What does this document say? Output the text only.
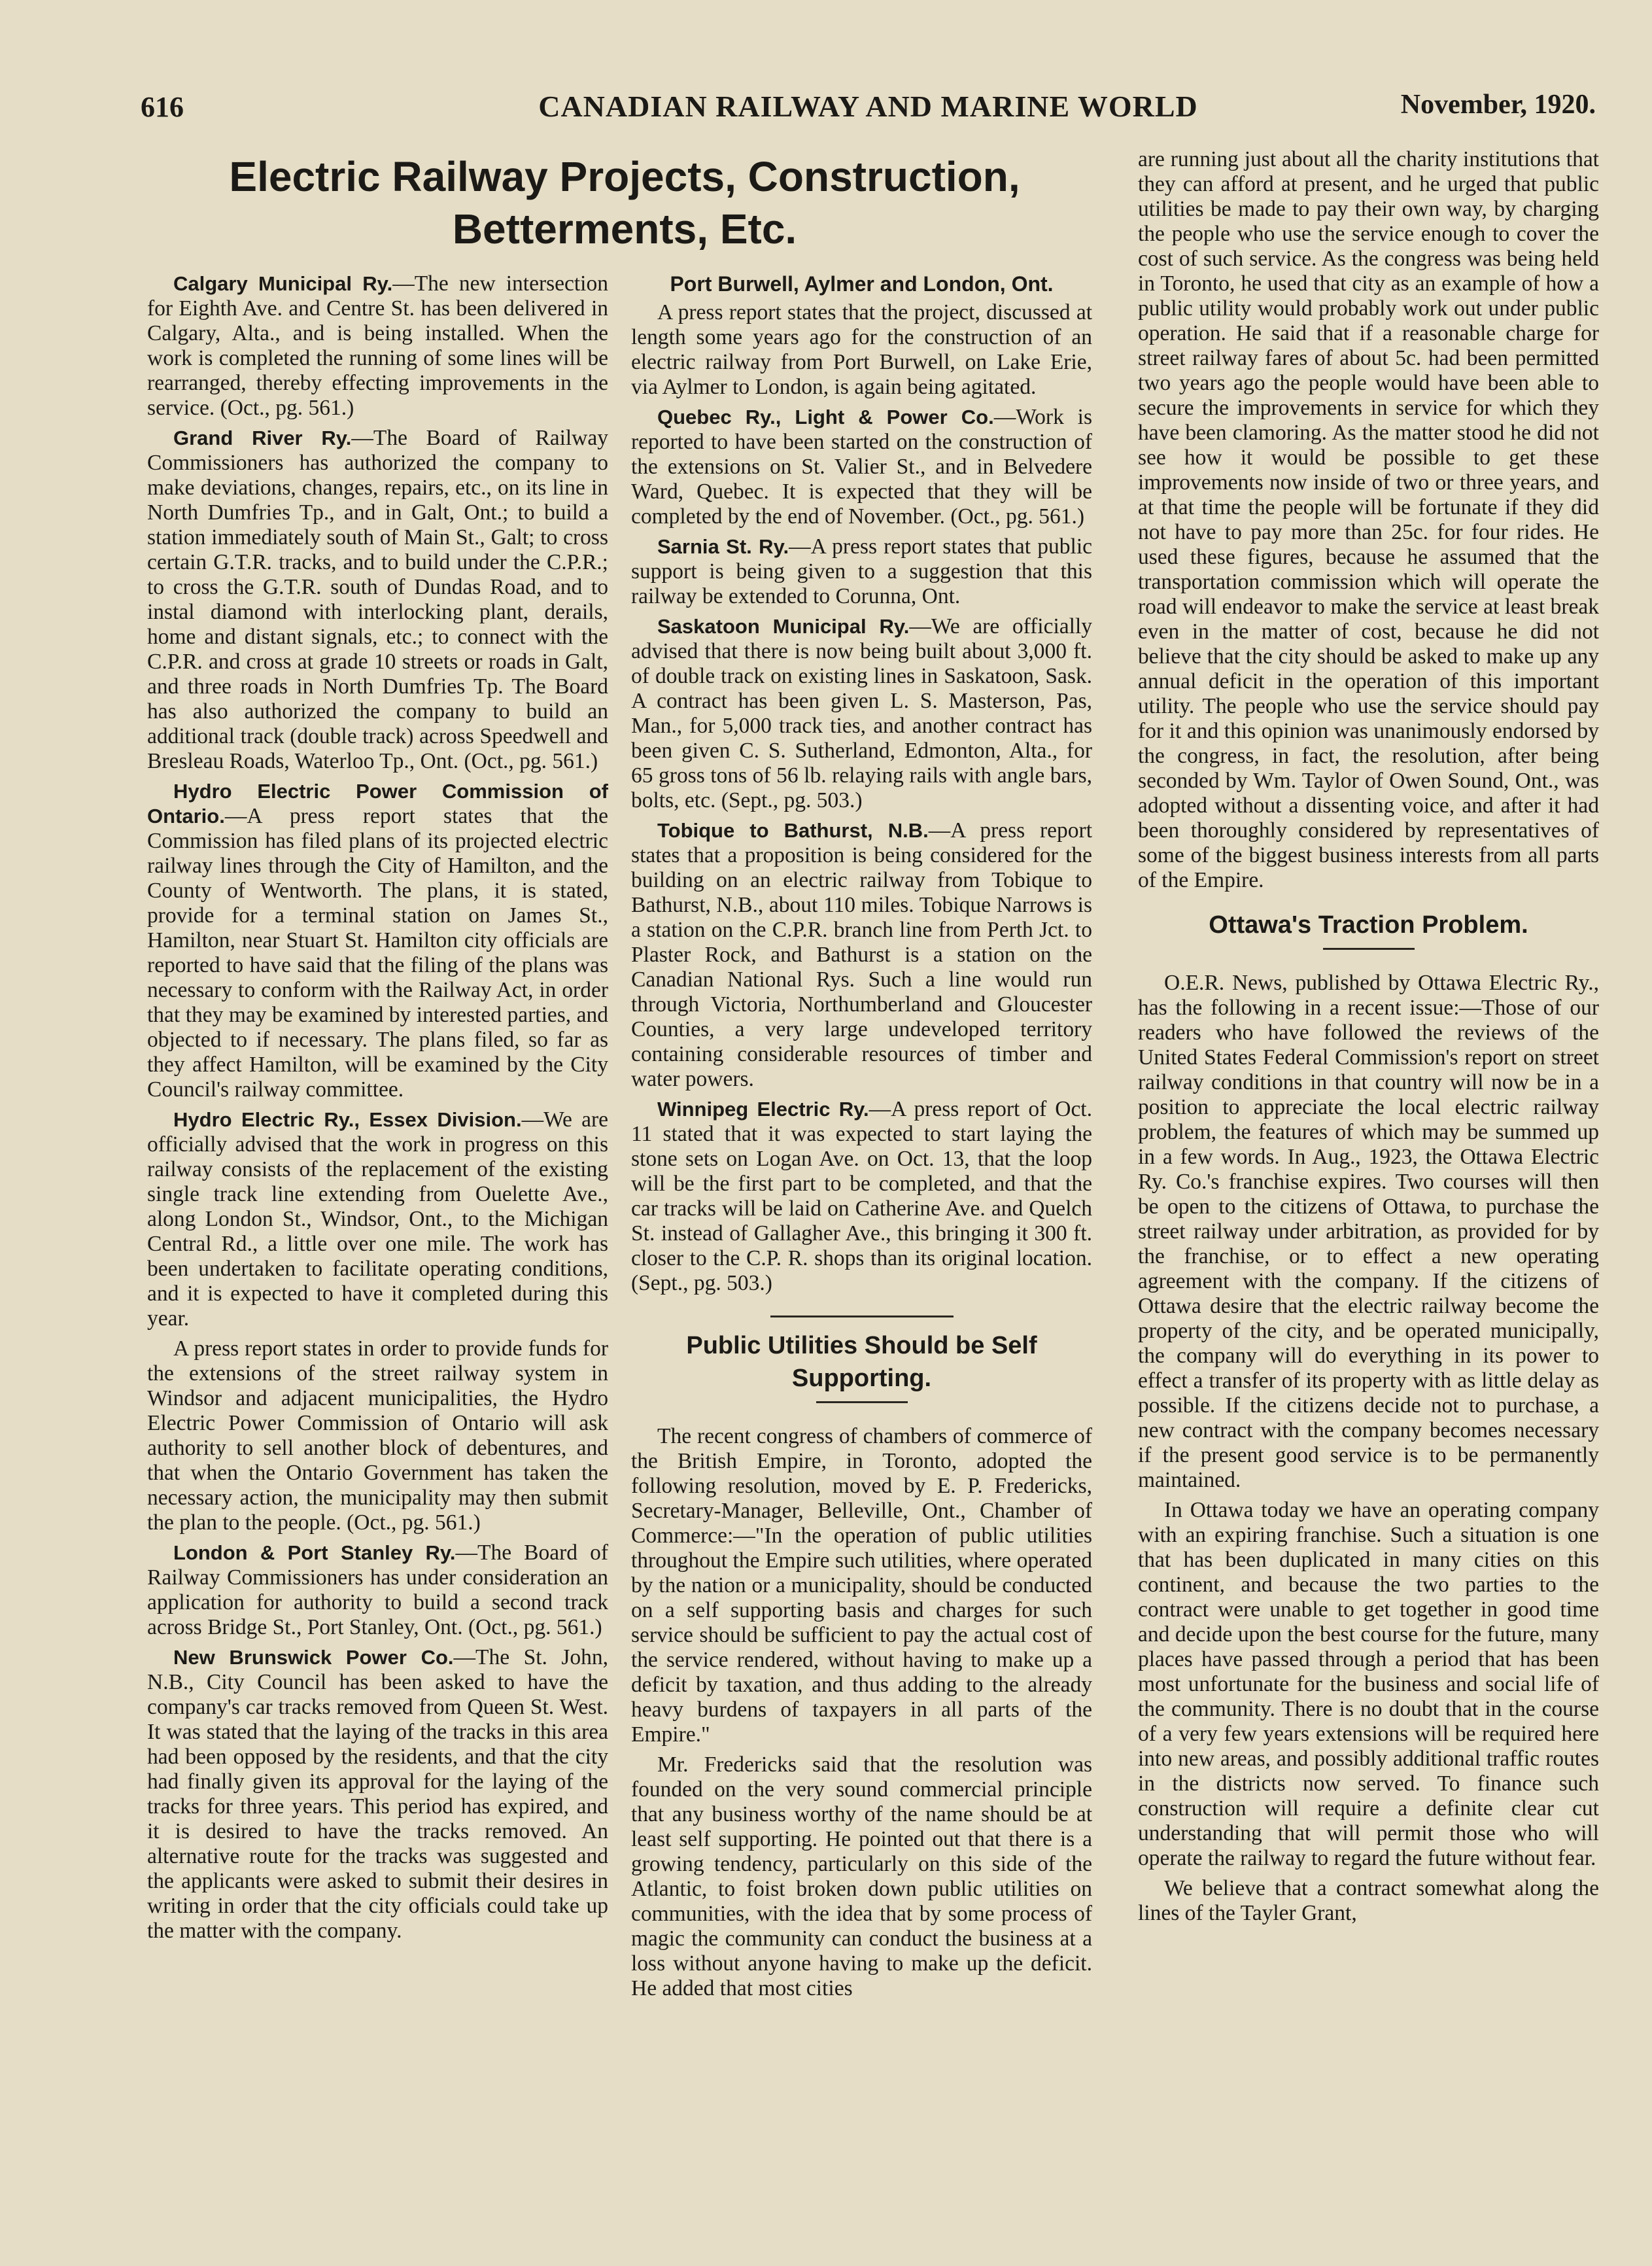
616	CANADIAN RAILWAY AND MARINE WORLD	November, 1920.
Electric Railway Projects, Construction, Betterments, Etc.

Calgary Municipal Ry.—The new intersection for Eighth Ave. and Centre St. has been delivered in Calgary, Alta., and is being installed. When the work is completed the running of some lines will be rearranged, thereby effecting improvements in the service. (Oct., pg. 561.)

Grand River Ry.—The Board of Railway Commissioners has authorized the company to make deviations, changes, repairs, etc., on its line in North Dumfries Tp., and in Galt, Ont.; to build a station immediately south of Main St., Galt; to cross certain G.T.R. tracks, and to build under the C.P.R.; to cross the G.T.R. south of Dundas Road, and to instal diamond with interlocking plant, derails, home and distant signals, etc.; to connect with the C.P.R. and cross at grade 10 streets or roads in Galt, and three roads in North Dumfries Tp. The Board has also authorized the company to build an additional track (double track) across Speedwell and Bresleau Roads, Waterloo Tp., Ont. (Oct., pg. 561.)

Hydro Electric Power Commission of Ontario.—A press report states that the Commission has filed plans of its projected electric railway lines through the City of Hamilton, and the County of Wentworth. The plans, it is stated, provide for a terminal station on James St., Hamilton, near Stuart St. Hamilton city officials are reported to have said that the filing of the plans was necessary to conform with the Railway Act, in order that they may be examined by interested parties, and objected to if necessary. The plans filed, so far as they affect Hamilton, will be examined by the City Council's railway committee.

Hydro Electric Ry., Essex Division.—We are officially advised that the work in progress on this railway consists of the replacement of the existing single track line extending from Ouelette Ave., along London St., Windsor, Ont., to the Michigan Central Rd., a little over one mile. The work has been undertaken to facilitate operating conditions, and it is expected to have it completed during this year.

A press report states in order to provide funds for the extensions of the street railway system in Windsor and adjacent municipalities, the Hydro Electric Power Commission of Ontario will ask authority to sell another block of debentures, and that when the Ontario Government has taken the necessary action, the municipality may then submit the plan to the people. (Oct., pg. 561.)

London & Port Stanley Ry.—The Board of Railway Commissioners has under consideration an application for authority to build a second track across Bridge St., Port Stanley, Ont. (Oct., pg. 561.)

New Brunswick Power Co.—The St. John, N.B., City Council has been asked to have the company's car tracks removed from Queen St. West. It was stated that the laying of the tracks in this area had been opposed by the residents, and that the city had finally given its approval for the laying of the tracks for three years. This period has expired, and it is desired to have the tracks removed. An alternative route for the tracks was suggested and the applicants were asked to submit their desires in writing in order that the city officials could take up the matter with the company.

Port Burwell, Aylmer and London, Ont.

A press report states that the project, discussed at length some years ago for the construction of an electric railway from Port Burwell, on Lake Erie, via Aylmer to London, is again being agitated.

Quebec Ry., Light & Power Co.—Work is reported to have been started on the construction of the extensions on St. Valier St., and in Belvedere Ward, Quebec. It is expected that they will be completed by the end of November. (Oct., pg. 561.)

Sarnia St. Ry.—A press report states that public support is being given to a suggestion that this railway be extended to Corunna, Ont.

Saskatoon Municipal Ry.—We are officially advised that there is now being built about 3,000 ft. of double track on existing lines in Saskatoon, Sask. A contract has been given L. S. Masterson, Pas, Man., for 5,000 track ties, and another contract has been given C. S. Sutherland, Edmonton, Alta., for 65 gross tons of 56 lb. relaying rails with angle bars, bolts, etc. (Sept., pg. 503.)

Tobique to Bathurst, N.B.—A press report states that a proposition is being considered for the building on an electric railway from Tobique to Bathurst, N.B., about 110 miles. Tobique Narrows is a station on the C.P.R. branch line from Perth Jct. to Plaster Rock, and Bathurst is a station on the Canadian National Rys. Such a line would run through Victoria, Northumberland and Gloucester Counties, a very large undeveloped territory containing considerable resources of timber and water powers.

Winnipeg Electric Ry.—A press report of Oct. 11 stated that it was expected to start laying the stone sets on Logan Ave. on Oct. 13, that the loop will be the first part to be completed, and that the car tracks will be laid on Catherine Ave. and Quelch St. instead of Gallagher Ave., this bringing it 300 ft. closer to the C.P. R. shops than its original location. (Sept., pg. 503.)

Public Utilities Should be Self Supporting.

The recent congress of chambers of commerce of the British Empire, in Toronto, adopted the following resolution, moved by E. P. Fredericks, Secretary-Manager, Belleville, Ont., Chamber of Commerce:—"In the operation of public utilities throughout the Empire such utilities, where operated by the nation or a municipality, should be conducted on a self supporting basis and charges for such service should be sufficient to pay the actual cost of the service rendered, without having to make up a deficit by taxation, and thus adding to the already heavy burdens of taxpayers in all parts of the Empire."

Mr. Fredericks said that the resolution was founded on the very sound commercial principle that any business worthy of the name should be at least self supporting. He pointed out that there is a growing tendency, particularly on this side of the Atlantic, to foist broken down public utilities on communities, with the idea that by some process of magic the community can conduct the business at a loss without anyone having to make up the deficit. He added that most cities

are running just about all the charity institutions that they can afford at present, and he urged that public utilities be made to pay their own way, by charging the people who use the service enough to cover the cost of such service. As the congress was being held in Toronto, he used that city as an example of how a public utility would probably work out under public operation. He said that if a reasonable charge for street railway fares of about 5c. had been permitted two years ago the people would have been able to secure the improvements in service for which they have been clamoring. As the matter stood he did not see how it would be possible to get these improvements now inside of two or three years, and at that time the people will be fortunate if they did not have to pay more than 25c. for four rides. He used these figures, because he assumed that the transportation commission which will operate the road will endeavor to make the service at least break even in the matter of cost, because he did not believe that the city should be asked to make up any annual deficit in the operation of this important utility. The people who use the service should pay for it and this opinion was unanimously endorsed by the congress, in fact, the resolution, after being seconded by Wm. Taylor of Owen Sound, Ont., was adopted without a dissenting voice, and after it had been thoroughly considered by representatives of some of the biggest business interests from all parts of the Empire.

Ottawa's Traction Problem.

O.E.R. News, published by Ottawa Electric Ry., has the following in a recent issue:—Those of our readers who have followed the reviews of the United States Federal Commission's report on street railway conditions in that country will now be in a position to appreciate the local electric railway problem, the features of which may be summed up in a few words. In Aug., 1923, the Ottawa Electric Ry. Co.'s franchise expires. Two courses will then be open to the citizens of Ottawa, to purchase the street railway under arbitration, as provided for by the franchise, or to effect a new operating agreement with the company. If the citizens of Ottawa desire that the electric railway become the property of the city, and be operated municipally, the company will do everything in its power to effect a transfer of its property with as little delay as possible. If the citizens decide not to purchase, a new contract with the company becomes necessary if the present good service is to be permanently maintained.

In Ottawa today we have an operating company with an expiring franchise. Such a situation is one that has been duplicated in many cities on this continent, and because the two parties to the contract were unable to get together in good time and decide upon the best course for the future, many places have passed through a period that has been most unfortunate for the business and social life of the community. There is no doubt that in the course of a very few years extensions will be required here into new areas, and possibly additional traffic routes in the districts now served. To finance such construction will require a definite clear cut understanding that will permit those who will operate the railway to regard the future without fear.

We believe that a contract somewhat along the lines of the Tayler Grant,
